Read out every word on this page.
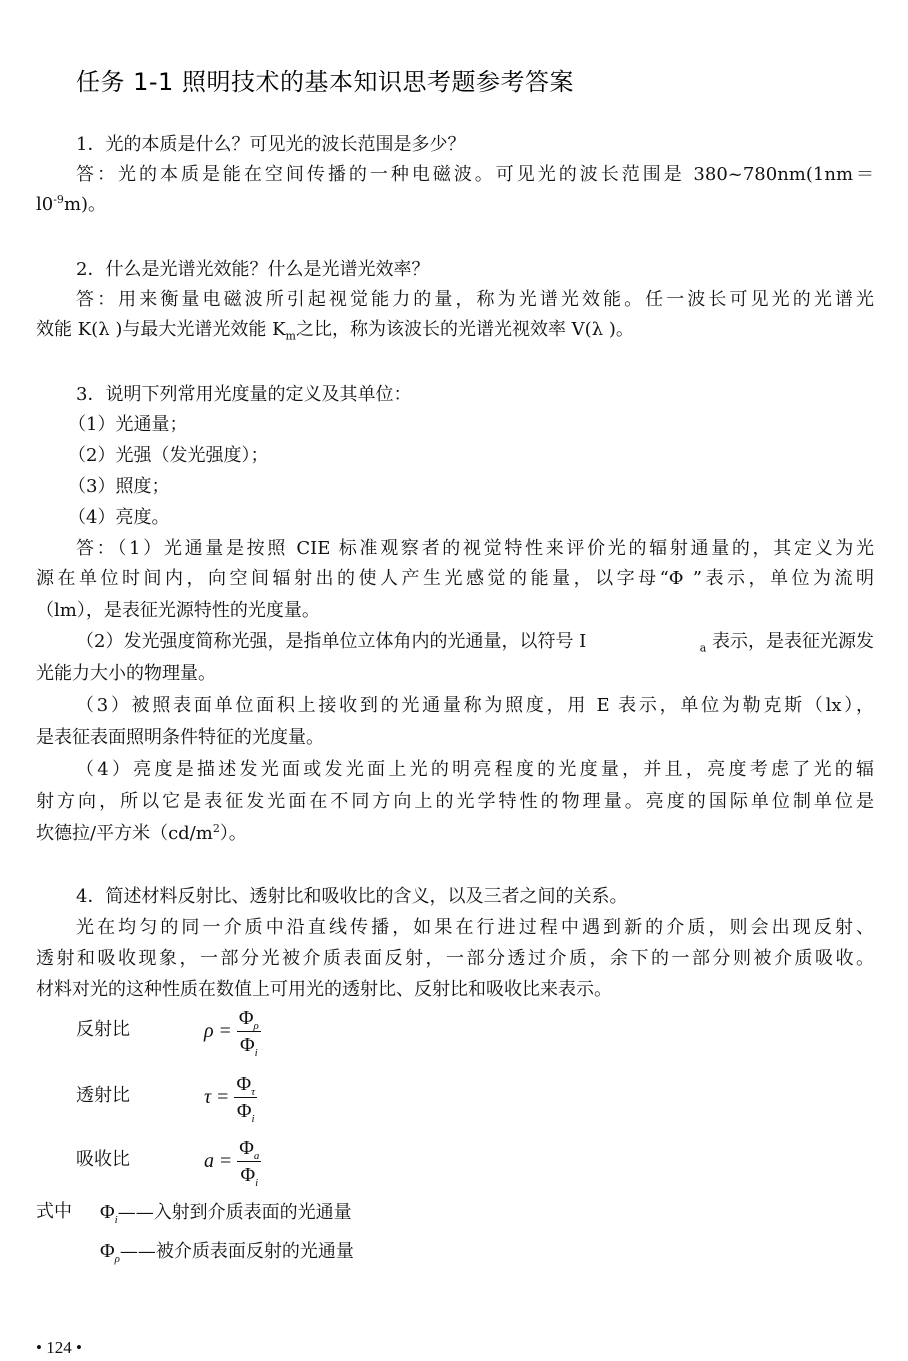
任务 1-1 照明技术的基本知识思考题参考答案
1．光的本质是什么？可见光的波长范围是多少？
答：光的本质是能在空间传播的一种电磁波。可见光的波长范围是 380~780nm(1nm＝
$l0^{-9}m$)。
2．什么是光谱光效能？什么是光谱光效率？
答：用来衡量电磁波所引起视觉能力的量，称为光谱光效能。任一波长可见光的光谱光
效能 K(λ )与最大光谱光效能 $K_m$之比，称为该波长的光谱光视效率 V(λ )。
3．说明下列常用光度量的定义及其单位：
（1）光通量；
（2）光强（发光强度）；
（3）照度；
（4）亮度。
答：（1）光通量是按照 CIE 标准观察者的视觉特性来评价光的辐射通量的，其定义为光
源在单位时间内，向空间辐射出的使人产生光感觉的能量，以字母“Φ ”表示，单位为流明
（lm），是表征光源特性的光度量。
（2）发光强度简称光强，是指单位立体角内的光通量，以符号 I	$_a$ 表示，是表征光源发
光能力大小的物理量。
（3）被照表面单位面积上接收到的光通量称为照度，用 E 表示，单位为勒克斯（lx），
是表征表面照明条件特征的光度量。
（4）亮度是描述发光面或发光面上光的明亮程度的光度量，并且，亮度考虑了光的辐
射方向，所以它是表征发光面在不同方向上的光学特性的物理量。亮度的国际单位制单位是
坎德拉/平方米$(cd/m^2)$。
4．简述材料反射比、透射比和吸收比的含义，以及三者之间的关系。
光在均匀的同一介质中沿直线传播，如果在行进过程中遇到新的介质，则会出现反射、
透射和吸收现象，一部分光被介质表面反射，一部分透过介质，余下的一部分则被介质吸收。
材料对光的这种性质在数值上可用光的透射比、反射比和吸收比来表示。
反射比	$\rho = \frac{\Phi_\rho}{\Phi_i}$
透射比	$\tau = \frac{\Phi_\tau}{\Phi_i}$
吸收比	$a = \frac{\Phi_a}{\Phi_i}$
式中 $\Phi_i——$入射到介质表面的光通量
$\Phi_\rho——$被介质表面反射的光通量
• 124 •
